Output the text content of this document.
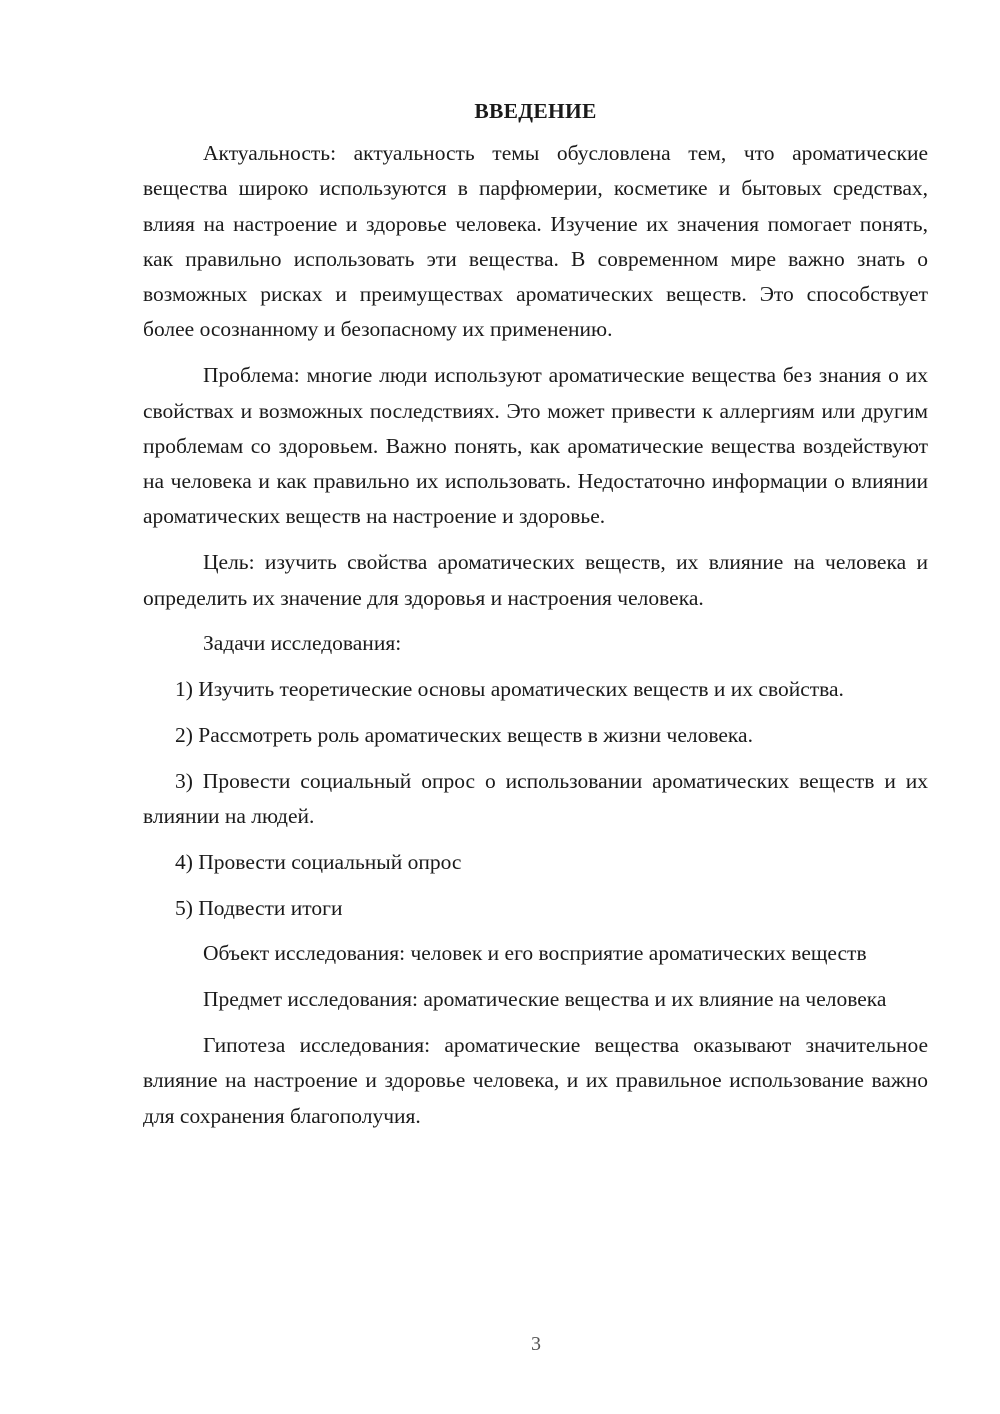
ВВЕДЕНИЕ

Актуальность: актуальность темы обусловлена тем, что ароматические вещества широко используются в парфюмерии, косметике и бытовых средствах, влияя на настроение и здоровье человека. Изучение их значения помогает понять, как правильно использовать эти вещества. В современном мире важно знать о возможных рисках и преимуществах ароматических веществ. Это способствует более осознанному и безопасному их применению.

Проблема: многие люди используют ароматические вещества без знания о их свойствах и возможных последствиях. Это может привести к аллергиям или другим проблемам со здоровьем. Важно понять, как ароматические вещества воздействуют на человека и как правильно их использовать. Недостаточно информации о влиянии ароматических веществ на настроение и здоровье.

Цель: изучить свойства ароматических веществ, их влияние на человека и определить их значение для здоровья и настроения человека.

Задачи исследования:

1) Изучить теоретические основы ароматических веществ и их свойства.

2) Рассмотреть роль ароматических веществ в жизни человека.

3) Провести социальный опрос о использовании ароматических веществ и их влиянии на людей.

4) Провести социальный опрос

5) Подвести итоги

Объект исследования: человек и его восприятие ароматических веществ

Предмет исследования: ароматические вещества и их влияние на человека

Гипотеза исследования: ароматические вещества оказывают значительное влияние на настроение и здоровье человека, и их правильное использование важно для сохранения благополучия.

3
